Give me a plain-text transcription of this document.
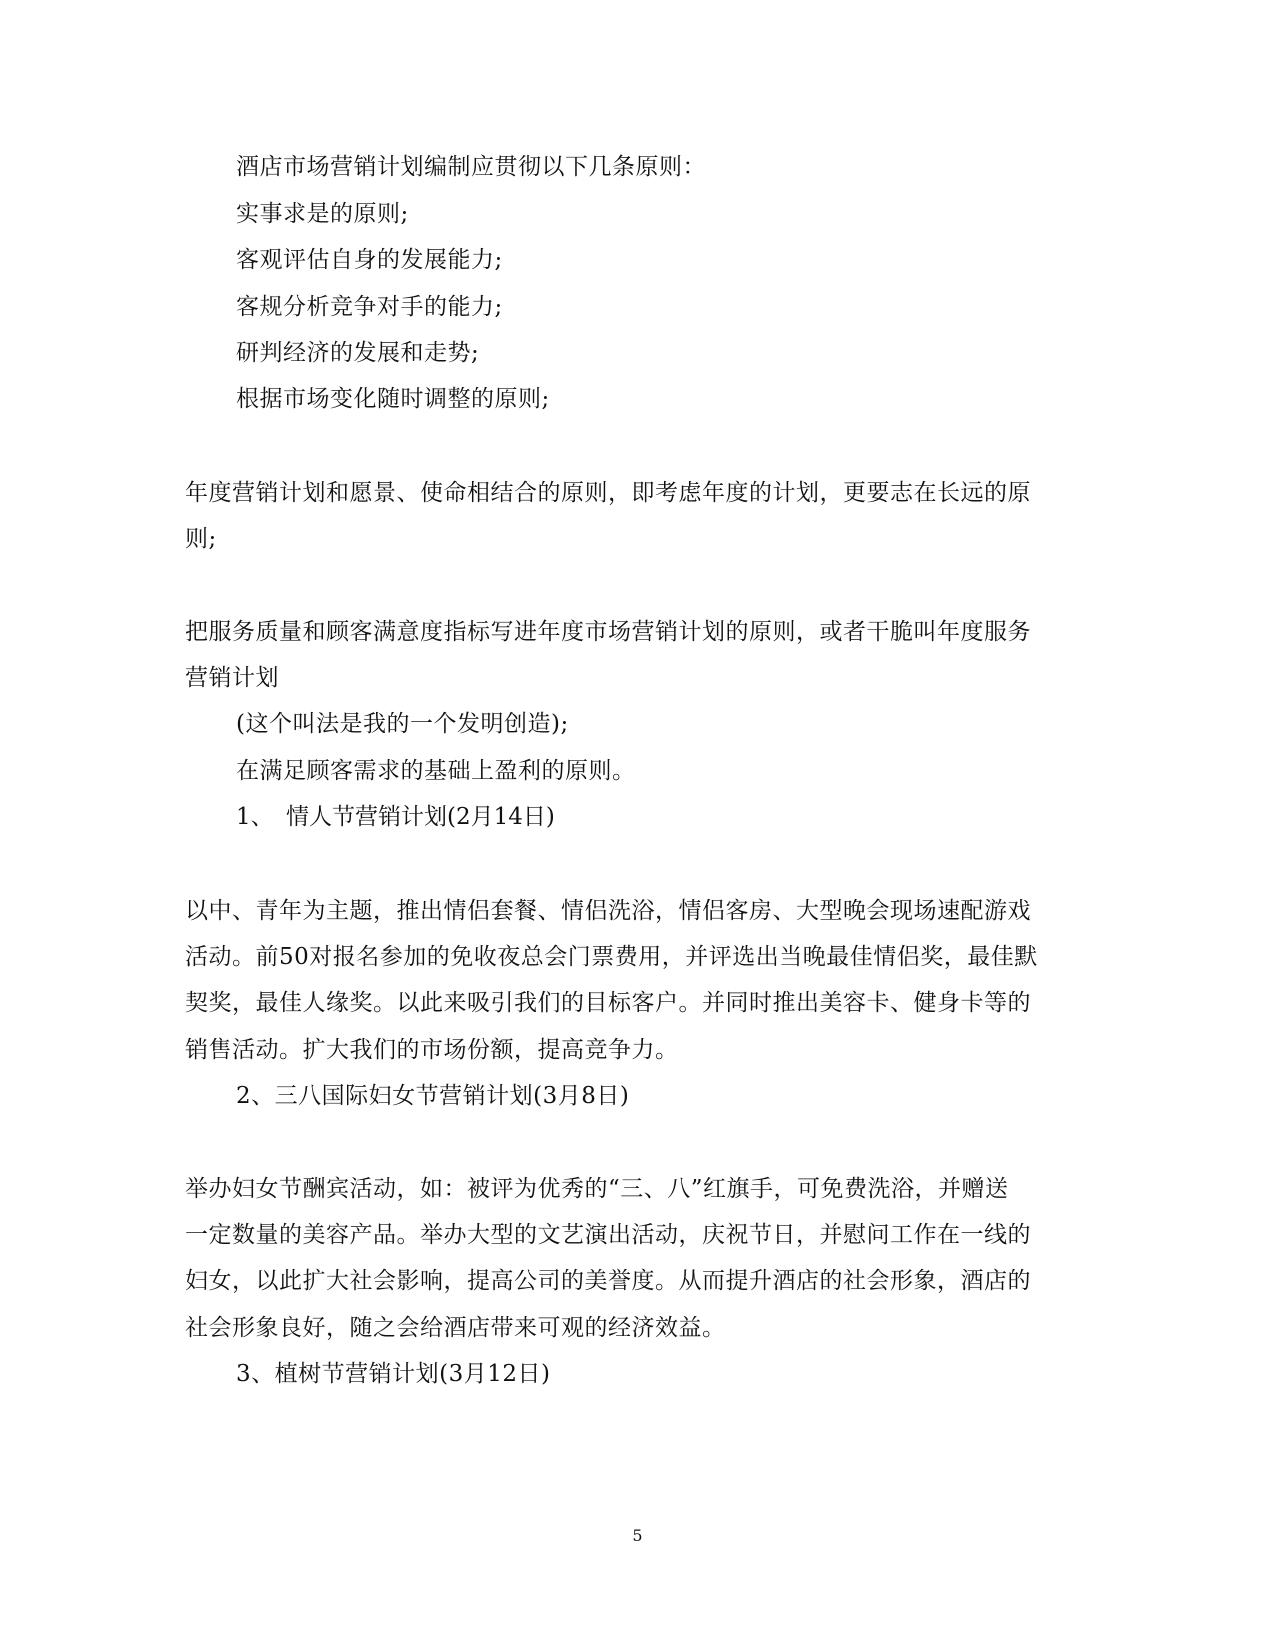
酒店市场营销计划编制应贯彻以下几条原则：
实事求是的原则;
客观评估自身的发展能力;
客规分析竞争对手的能力;
研判经济的发展和走势;
根据市场变化随时调整的原则;
年度营销计划和愿景、使命相结合的原则，即考虑年度的计划，更要志在长远的原
则;
把服务质量和顾客满意度指标写进年度市场营销计划的原则，或者干脆叫年度服务
营销计划
(这个叫法是我的一个发明创造);
在满足顾客需求的基础上盈利的原则。
1、 情人节营销计划(2月14日)
以中、青年为主题，推出情侣套餐、情侣洗浴，情侣客房、大型晚会现场速配游戏
活动。前50对报名参加的免收夜总会门票费用，并评选出当晚最佳情侣奖，最佳默
契奖，最佳人缘奖。以此来吸引我们的目标客户。并同时推出美容卡、健身卡等的
销售活动。扩大我们的市场份额，提高竞争力。
2、三八国际妇女节营销计划(3月8日)
举办妇女节酬宾活动，如：被评为优秀的“三、八”红旗手，可免费洗浴，并赠送
一定数量的美容产品。举办大型的文艺演出活动，庆祝节日，并慰问工作在一线的
妇女，以此扩大社会影响，提高公司的美誉度。从而提升酒店的社会形象，酒店的
社会形象良好，随之会给酒店带来可观的经济效益。
3、植树节营销计划(3月12日)
5
